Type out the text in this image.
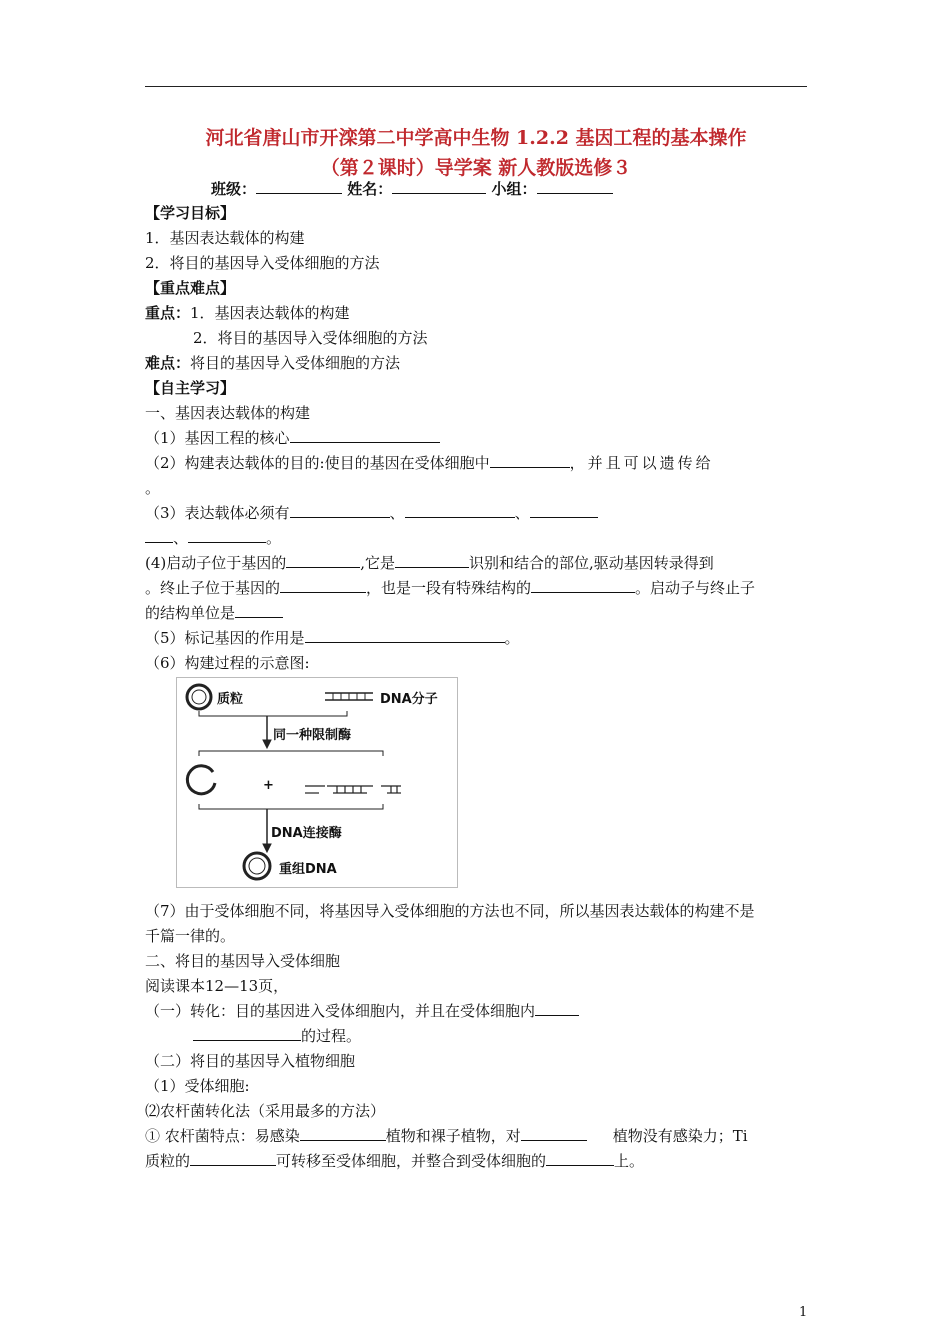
河北省唐山市开滦第二中学高中生物 1.2.2 基因工程的基本操作
（第２课时）导学案 新人教版选修３
班级：	姓名：	小组：
【学习目标】
1．基因表达载体的构建
2．将目的基因导入受体细胞的方法
【重点难点】
重点：1．基因表达载体的构建
2．将目的基因导入受体细胞的方法
难点：将目的基因导入受体细胞的方法
【自主学习】
一、基因表达载体的构建
（1）基因工程的核心
（2）构建表达载体的目的:使目的基因在受体细胞中	，并且可以遗传给
。
（3）表达载体必须有	、	、
、	。
(4)启动子位于基因的	,它是	识别和结合的部位,驱动基因转录得到
。终止子位于基因的	，也是一段有特殊结构的	。启动子与终止子
的结构单位是
（5）标记基因的作用是	。
（6）构建过程的示意图:
质粒	DNA分子
同一种限制酶
+
DNA连接酶
重组DNA
（7）由于受体细胞不同，将基因导入受体细胞的方法也不同，所以基因表达载体的构建不是
千篇一律的。
二、将目的基因导入受体细胞
阅读课本12—13页，
（一）转化：目的基因进入受体细胞内，并且在受体细胞内
的过程。
（二）将目的基因导入植物细胞
（1）受体细胞:
⑵农杆菌转化法（采用最多的方法）
① 农杆菌特点：易感染	植物和裸子植物，对	植物没有感染力；Ti
质粒的	可转移至受体细胞，并整合到受体细胞的	上。
1
